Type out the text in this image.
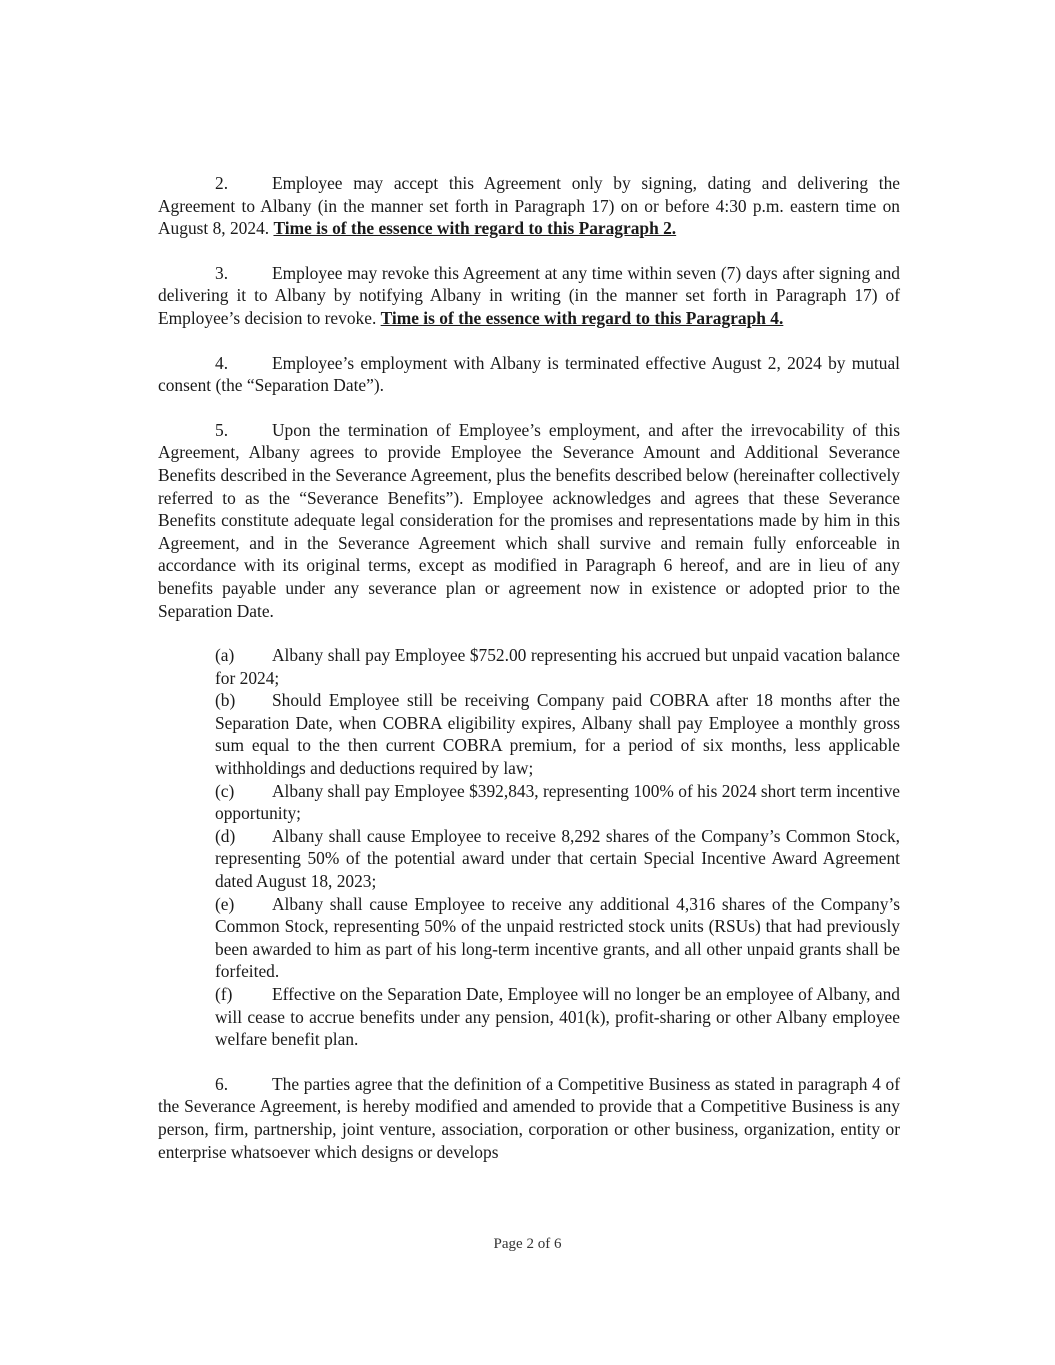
2.	Employee may accept this Agreement only by signing, dating and delivering the Agreement to Albany (in the manner set forth in Paragraph 17) on or before 4:30 p.m. eastern time on August 8, 2024. Time is of the essence with regard to this Paragraph 2.

3.	Employee may revoke this Agreement at any time within seven (7) days after signing and delivering it to Albany by notifying Albany in writing (in the manner set forth in Paragraph 17) of Employee’s decision to revoke. Time is of the essence with regard to this Paragraph 4.

4.	Employee’s employment with Albany is terminated effective August 2, 2024 by mutual consent (the “Separation Date”).

5.	Upon the termination of Employee’s employment, and after the irrevocability of this Agreement, Albany agrees to provide Employee the Severance Amount and Additional Severance Benefits described in the Severance Agreement, plus the benefits described below (hereinafter collectively referred to as the “Severance Benefits”). Employee acknowledges and agrees that these Severance Benefits constitute adequate legal consideration for the promises and representations made by him in this Agreement, and in the Severance Agreement which shall survive and remain fully enforceable in accordance with its original terms, except as modified in Paragraph 6 hereof, and are in lieu of any benefits payable under any severance plan or agreement now in existence or adopted prior to the Separation Date.

(a) Albany shall pay Employee $752.00 representing his accrued but unpaid vacation balance for 2024;

(b) Should Employee still be receiving Company paid COBRA after 18 months after the Separation Date, when COBRA eligibility expires, Albany shall pay Employee a monthly gross sum equal to the then current COBRA premium, for a period of six months, less applicable withholdings and deductions required by law;

(c) Albany shall pay Employee $392,843, representing 100% of his 2024 short term incentive opportunity;

(d) Albany shall cause Employee to receive 8,292 shares of the Company’s Common Stock, representing 50% of the potential award under that certain Special Incentive Award Agreement dated August 18, 2023;

(e) Albany shall cause Employee to receive any additional 4,316 shares of the Company’s Common Stock, representing 50% of the unpaid restricted stock units (RSUs) that had previously been awarded to him as part of his long-term incentive grants, and all other unpaid grants shall be forfeited.

(f) Effective on the Separation Date, Employee will no longer be an employee of Albany, and will cease to accrue benefits under any pension, 401(k), profit-sharing or other Albany employee welfare benefit plan.

6.	The parties agree that the definition of a Competitive Business as stated in paragraph 4 of the Severance Agreement, is hereby modified and amended to provide that a Competitive Business is any person, firm, partnership, joint venture, association, corporation or other business, organization, entity or enterprise whatsoever which designs or develops

Page 2 of 6
